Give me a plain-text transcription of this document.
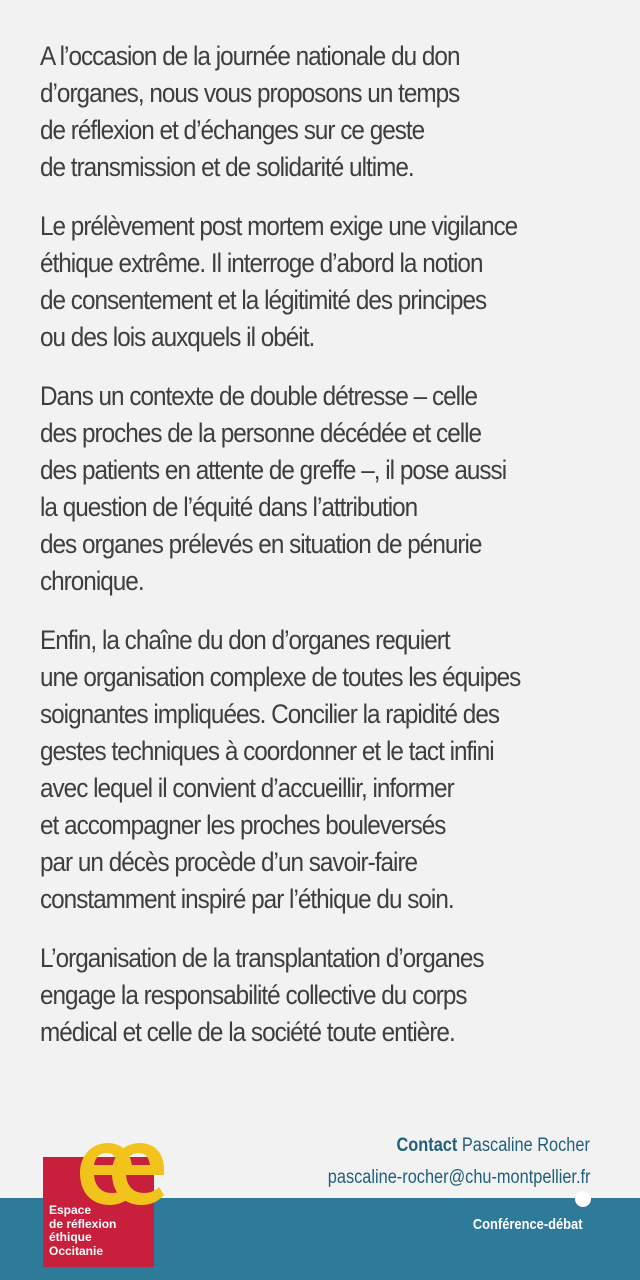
A l’occasion de la journée nationale du don
d’organes, nous vous proposons un temps
de réflexion et d’échanges sur ce geste
de transmission et de solidarité ultime.

Le prélèvement post mortem exige une vigilance
éthique extrême. Il interroge d’abord la notion
de consentement et la légitimité des principes
ou des lois auxquels il obéit.

Dans un contexte de double détresse – celle
des proches de la personne décédée et celle
des patients en attente de greffe –, il pose aussi
la question de l’équité dans l’attribution
des organes prélevés en situation de pénurie
chronique.

Enfin, la chaîne du don d’organes requiert
une organisation complexe de toutes les équipes
soignantes impliquées. Concilier la rapidité des
gestes techniques à coordonner et le tact infini
avec lequel il convient d’accueillir, informer
et accompagner les proches bouleversés
par un décès procède d’un savoir-faire
constamment inspiré par l’éthique du soin.

L’organisation de la transplantation d’organes
engage la responsabilité collective du corps
médical et celle de la société toute entière.

Contact Pascaline Rocher
pascaline-rocher@chu-montpellier.fr
Conférence-débat
Espace
de réflexion
éthique
Occitanie
